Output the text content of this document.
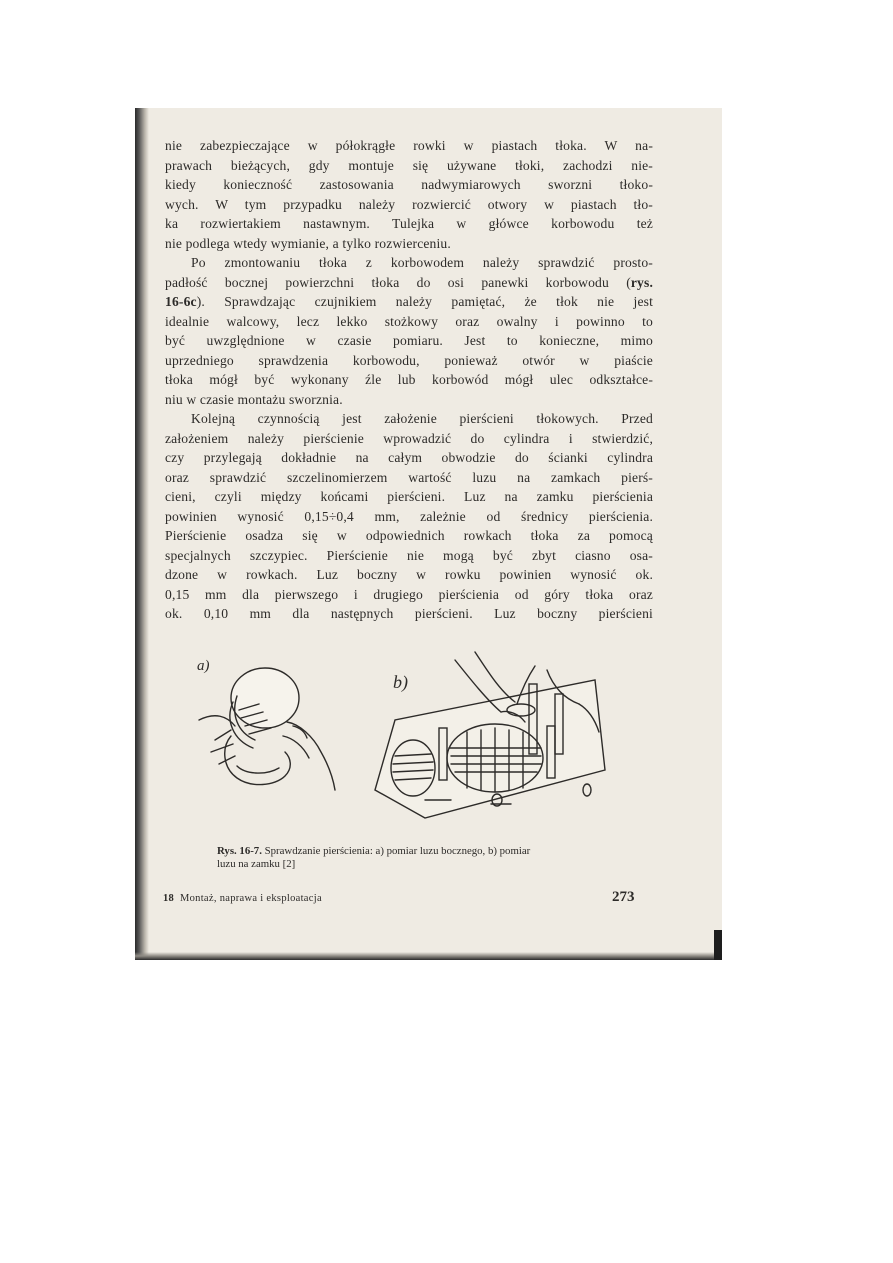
nie zabezpieczające w półokrągłe rowki w piastach tłoka. W na-
prawach bieżących, gdy montuje się używane tłoki, zachodzi nie-
kiedy konieczność zastosowania nadwymiarowych sworzni tłoko-
wych. W tym przypadku należy rozwiercić otwory w piastach tło-
ka rozwiertakiem nastawnym. Tulejka w główce korbowodu też
nie podlega wtedy wymianie, a tylko rozwierceniu.
Po zmontowaniu tłoka z korbowodem należy sprawdzić prosto-
padłość bocznej powierzchni tłoka do osi panewki korbowodu (rys.
16-6c). Sprawdzając czujnikiem należy pamiętać, że tłok nie jest
idealnie walcowy, lecz lekko stożkowy oraz owalny i powinno to
być uwzględnione w czasie pomiaru. Jest to konieczne, mimo
uprzedniego sprawdzenia korbowodu, ponieważ otwór w piaście
tłoka mógł być wykonany źle lub korbowód mógł ulec odkształce-
niu w czasie montażu sworznia.
Kolejną czynnością jest założenie pierścieni tłokowych. Przed
założeniem należy pierścienie wprowadzić do cylindra i stwierdzić,
czy przylegają dokładnie na całym obwodzie do ścianki cylindra
oraz sprawdzić szczelinomierzem wartość luzu na zamkach pierś-
cieni, czyli między końcami pierścieni. Luz na zamku pierścienia
powinien wynosić 0,15÷0,4 mm, zależnie od średnicy pierścienia.
Pierścienie osadza się w odpowiednich rowkach tłoka za pomocą
specjalnych szczypiec. Pierścienie nie mogą być zbyt ciasno osa-
dzone w rowkach. Luz boczny w rowku powinien wynosić ok.
0,15 mm dla pierwszego i drugiego pierścienia od góry tłoka oraz
ok. 0,10 mm dla następnych pierścieni. Luz boczny pierścieni
a)
b)
Rys. 16-7. Sprawdzanie pierścienia: a) pomiar luzu bocznego, b) pomiar
luzu na zamku [2]
18 Montaż, naprawa i eksploatacja	273
